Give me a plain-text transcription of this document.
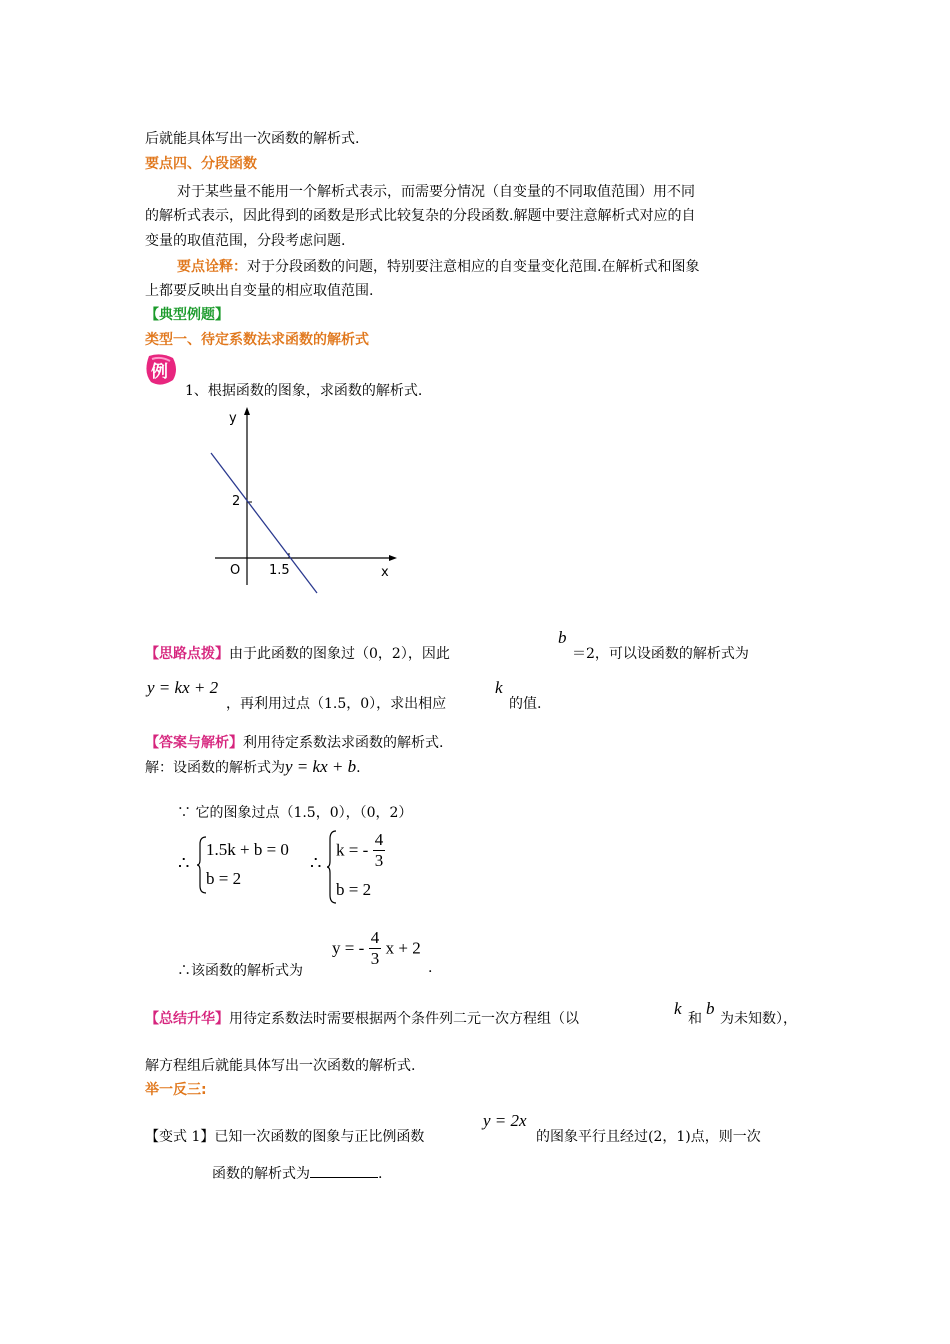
后就能具体写出一次函数的解析式.
要点四、分段函数
对于某些量不能用一个解析式表示，而需要分情况（自变量的不同取值范围）用不同
的解析式表示，因此得到的函数是形式比较复杂的分段函数.解题中要注意解析式对应的自
变量的取值范围，分段考虑问题.
要点诠释：对于分段函数的问题，特别要注意相应的自变量变化范围.在解析式和图象
上都要反映出自变量的相应取值范围.
【典型例题】
类型一、待定系数法求函数的解析式
例
1、根据函数的图象，求函数的解析式.
y
2
O 1.5	x
【思路点拨】由于此函数的图象过（0，2），因此
b
＝2，可以设函数的解析式为
y = kx + 2
，再利用过点（1.5，0），求出相应
k
的值.
【答案与解析】利用待定系数法求函数的解析式.
解：设函数的解析式为y = kx + b.
∵ 它的图象过点（1.5，0），（0，2）
∴
1.5k + b = 0
b = 2
∴
k = - $\frac{4}{3}$
b = 2
∴该函数的解析式为
y = - $\frac{4}{3}$ x + 2
.
【总结升华】用待定系数法时需要根据两个条件列二元一次方程组（以
k
和
b
为未知数），
解方程组后就能具体写出一次函数的解析式.
举一反三:
【变式 1】已知一次函数的图象与正比例函数
y = 2x
的图象平行且经过(2，1)点，则一次
函数的解析式为	.
